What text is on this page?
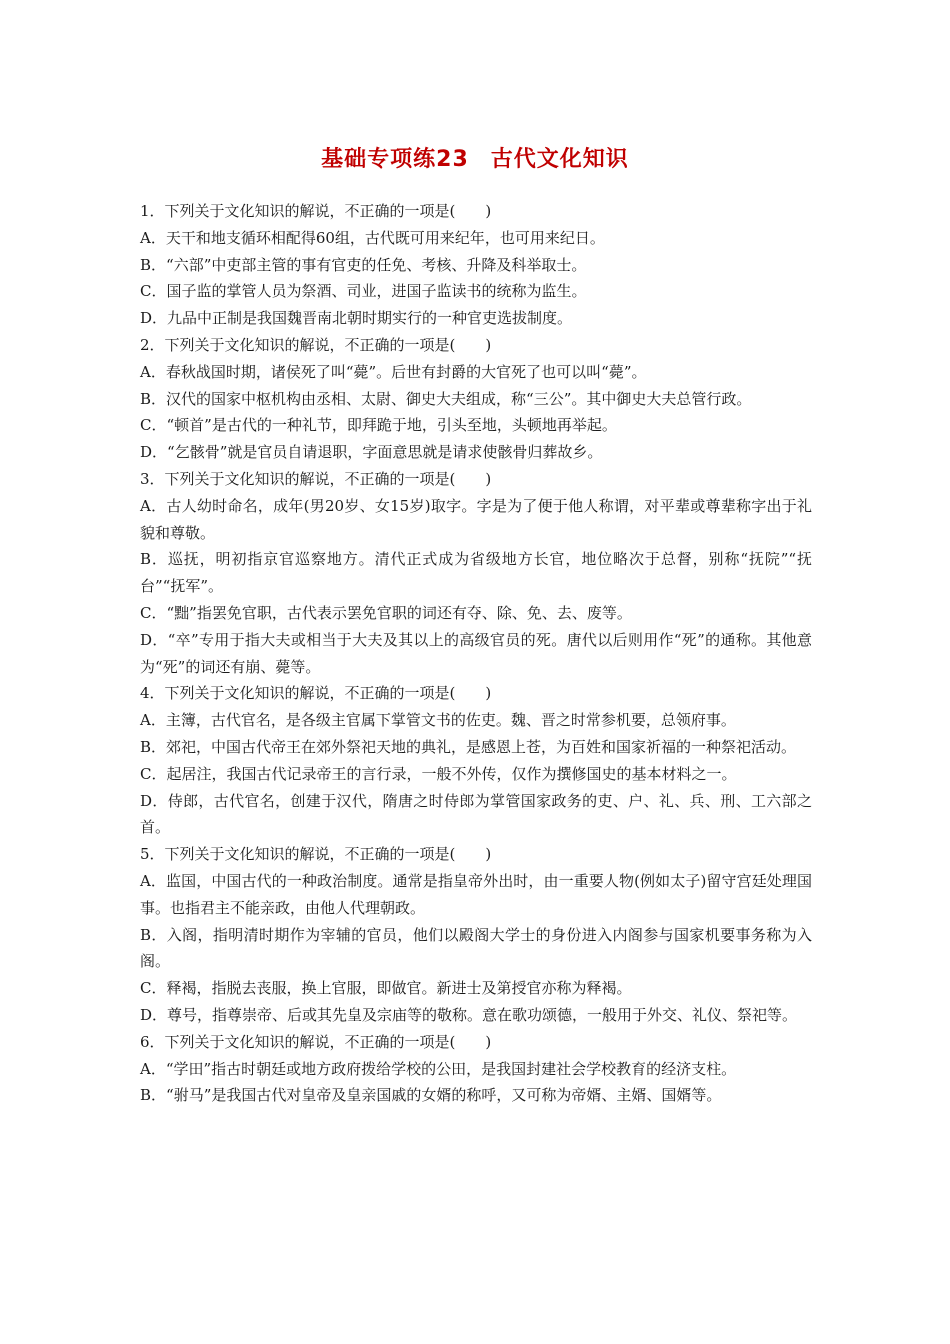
基础专项练23 古代文化知识

1．下列关于文化知识的解说，不正确的一项是(　　)

A．天干和地支循环相配得60组，古代既可用来纪年，也可用来纪日。

B．“六部”中吏部主管的事有官吏的任免、考核、升降及科举取士。

C．国子监的掌管人员为祭酒、司业，进国子监读书的统称为监生。

D．九品中正制是我国魏晋南北朝时期实行的一种官吏选拔制度。

2．下列关于文化知识的解说，不正确的一项是(　　)

A．春秋战国时期，诸侯死了叫“薨”。后世有封爵的大官死了也可以叫“薨”。

B．汉代的国家中枢机构由丞相、太尉、御史大夫组成，称“三公”。其中御史大夫总管行政。

C．“顿首”是古代的一种礼节，即拜跪于地，引头至地，头顿地再举起。

D．“乞骸骨”就是官员自请退职，字面意思就是请求使骸骨归葬故乡。

3．下列关于文化知识的解说，不正确的一项是(　　)

A．古人幼时命名，成年(男20岁、女15岁)取字。字是为了便于他人称谓，对平辈或尊辈称字出于礼貌和尊敬。

B．巡抚，明初指京官巡察地方。清代正式成为省级地方长官，地位略次于总督，别称“抚院”“抚台”“抚军”。

C．“黜”指罢免官职，古代表示罢免官职的词还有夺、除、免、去、废等。

D．“卒”专用于指大夫或相当于大夫及其以上的高级官员的死。唐代以后则用作“死”的通称。其他意为“死”的词还有崩、薨等。

4．下列关于文化知识的解说，不正确的一项是(　　)

A．主簿，古代官名，是各级主官属下掌管文书的佐吏。魏、晋之时常参机要，总领府事。

B．郊祀，中国古代帝王在郊外祭祀天地的典礼，是感恩上苍，为百姓和国家祈福的一种祭祀活动。

C．起居注，我国古代记录帝王的言行录，一般不外传，仅作为撰修国史的基本材料之一。

D．侍郎，古代官名，创建于汉代，隋唐之时侍郎为掌管国家政务的吏、户、礼、兵、刑、工六部之首。

5．下列关于文化知识的解说，不正确的一项是(　　)

A．监国，中国古代的一种政治制度。通常是指皇帝外出时，由一重要人物(例如太子)留守宫廷处理国事。也指君主不能亲政，由他人代理朝政。

B．入阁，指明清时期作为宰辅的官员，他们以殿阁大学士的身份进入内阁参与国家机要事务称为入阁。

C．释褐，指脱去丧服，换上官服，即做官。新进士及第授官亦称为释褐。

D．尊号，指尊崇帝、后或其先皇及宗庙等的敬称。意在歌功颂德，一般用于外交、礼仪、祭祀等。

6．下列关于文化知识的解说，不正确的一项是(　　)

A．“学田”指古时朝廷或地方政府拨给学校的公田，是我国封建社会学校教育的经济支柱。

B．“驸马”是我国古代对皇帝及皇亲国戚的女婿的称呼，又可称为帝婿、主婿、国婿等。
